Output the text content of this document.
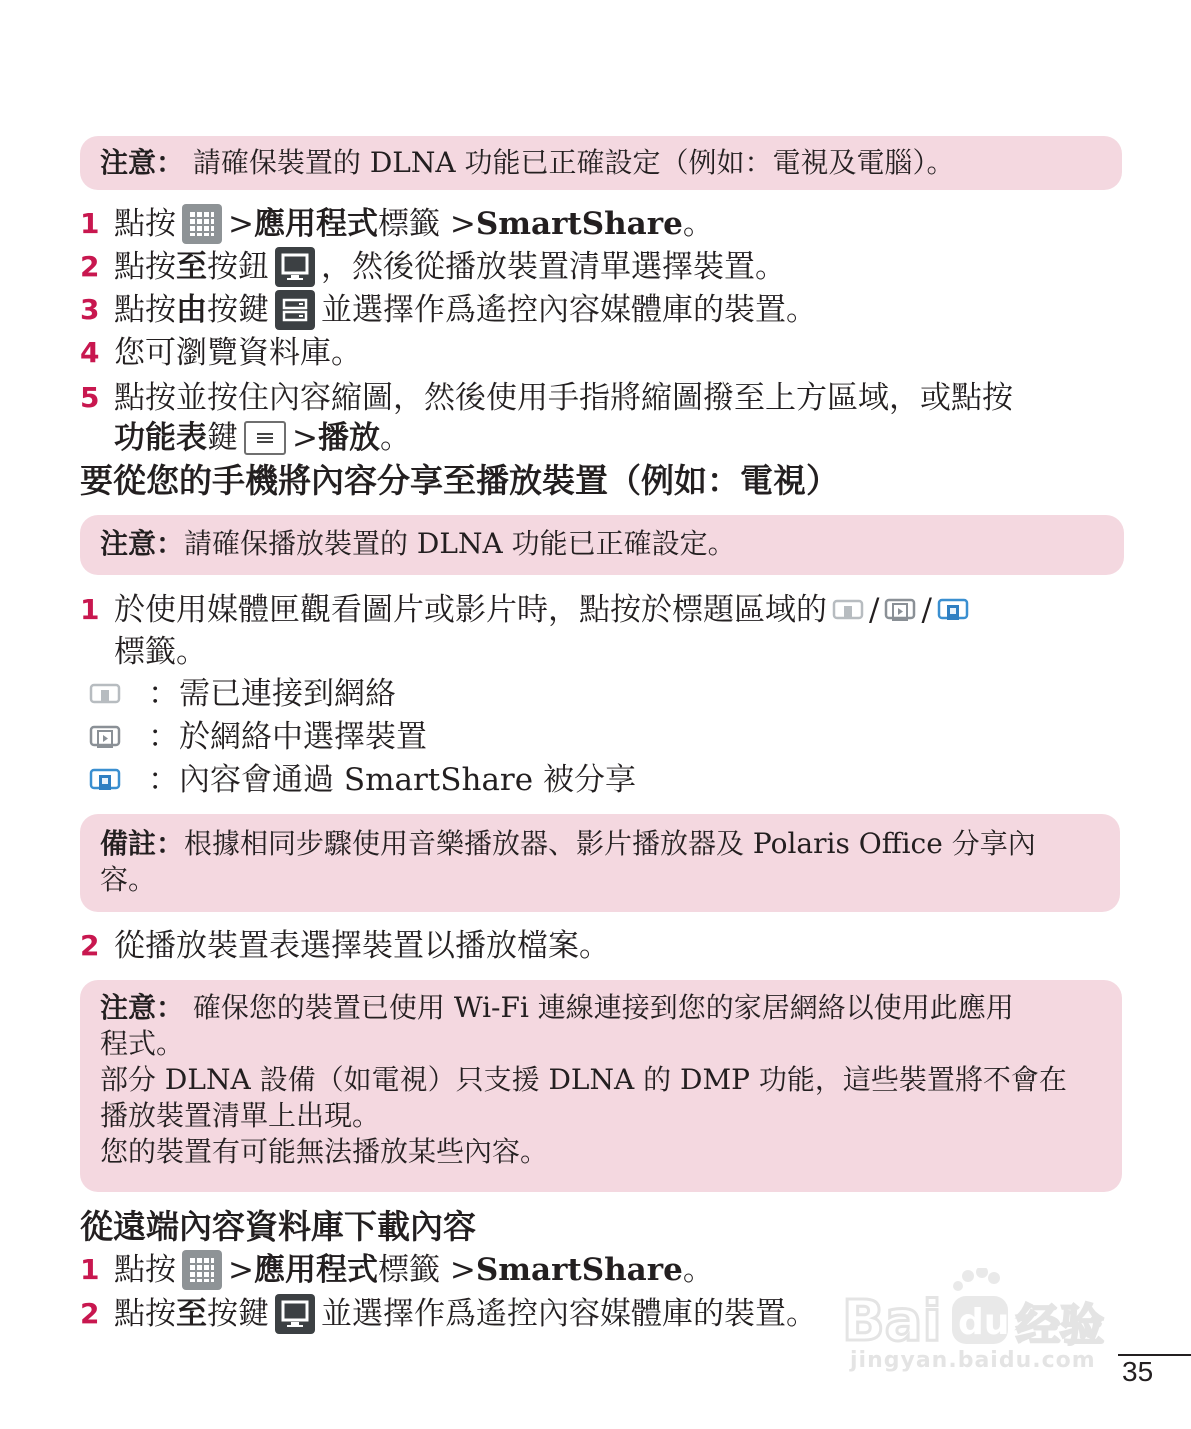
注意： 請確保裝置的 DLNA 功能已正確設定（例如：電視及電腦）。
1 點按 > 應用程式 標籤 > SmartShare 。
2 點按 至 按鈕 ，然後從播放裝置清單選擇裝置。
3 點按 由 按鍵 並選擇作爲遙控內容媒體庫的裝置。
4 您可瀏覽資料庫。
5 點按並按住內容縮圖，然後使用手指將縮圖撥至上方區域，或點按
功能表 鍵 > 播放 。
要從您的手機將內容分享至播放裝置（例如：電視）
注意：請確保播放裝置的 DLNA 功能已正確設定。
1 於使用媒體匣觀看圖片或影片時，點按於標題區域的 / /
標籤。
：需已連接到網絡
：於網絡中選擇裝置
：內容會通過 SmartShare 被分享

備註：根據相同步驟使用音樂播放器、影片播放器及 Polaris Office 分享內

容。

2 從播放裝置表選擇裝置以播放檔案。

注意： 確保您的裝置已使用 Wi-Fi 連線連接到您的家居網絡以使用此應用

程式。

部分 DLNA 設備（如電視）只支援 DLNA 的 DMP 功能，這些裝置將不會在

播放裝置清單上出現。

您的裝置有可能無法播放某些內容。

從遠端內容資料庫下載內容
1 點按 > 應用程式 標籤 > SmartShare 。
2 點按 至 按鍵 並選擇作爲遙控內容媒體庫的裝置。 Bai du 经验
jingyan.baidu.com 35
